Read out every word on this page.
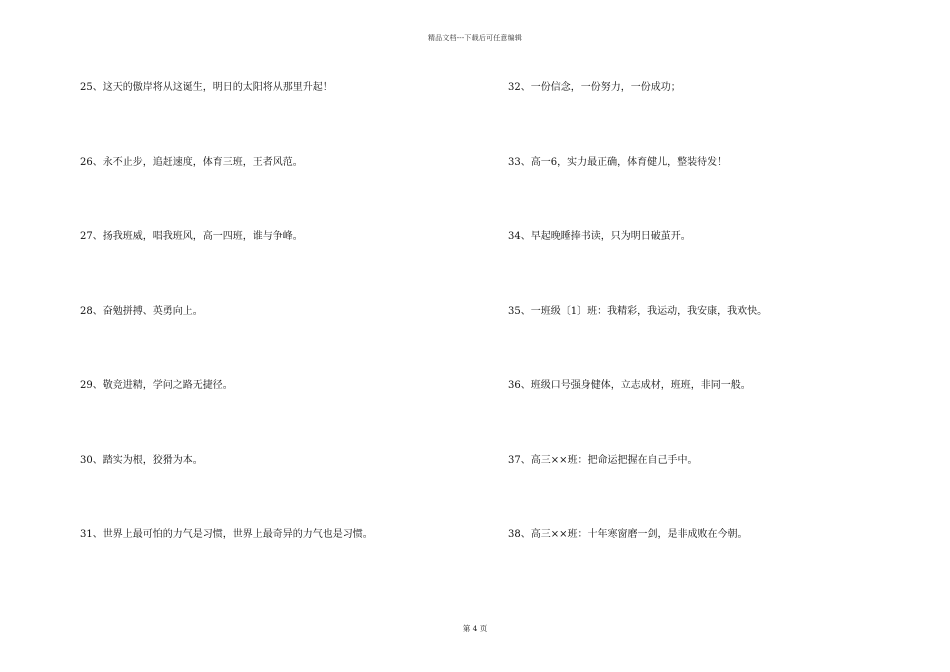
精品文档---下载后可任意编辑
25、这天的傲岸将从这诞生，明日的太阳将从那里升起！
26、永不止步，追赶速度，体育三班，王者风范。
27、扬我班威，唱我班风，高一四班，谁与争峰。
28、奋勉拼搏、英勇向上。
29、敬竞进精，学问之路无捷径。
30、踏实为根，狡猾为本。
31、世界上最可怕的力气是习惯，世界上最奇异的力气也是习惯。
32、一份信念，一份努力，一份成功；
33、高一6，实力最正确，体育健儿，整装待发！
34、早起晚睡捧书读，只为明日破茧开。
35、一班级〔1〕班：我精彩，我运动，我安康，我欢快。
36、班级口号强身健体，立志成材，班班，非同一般。
37、高三××班：把命运把握在自己手中。
38、高三××班：十年寒窗磨一剑，是非成败在今朝。
第 4 页
